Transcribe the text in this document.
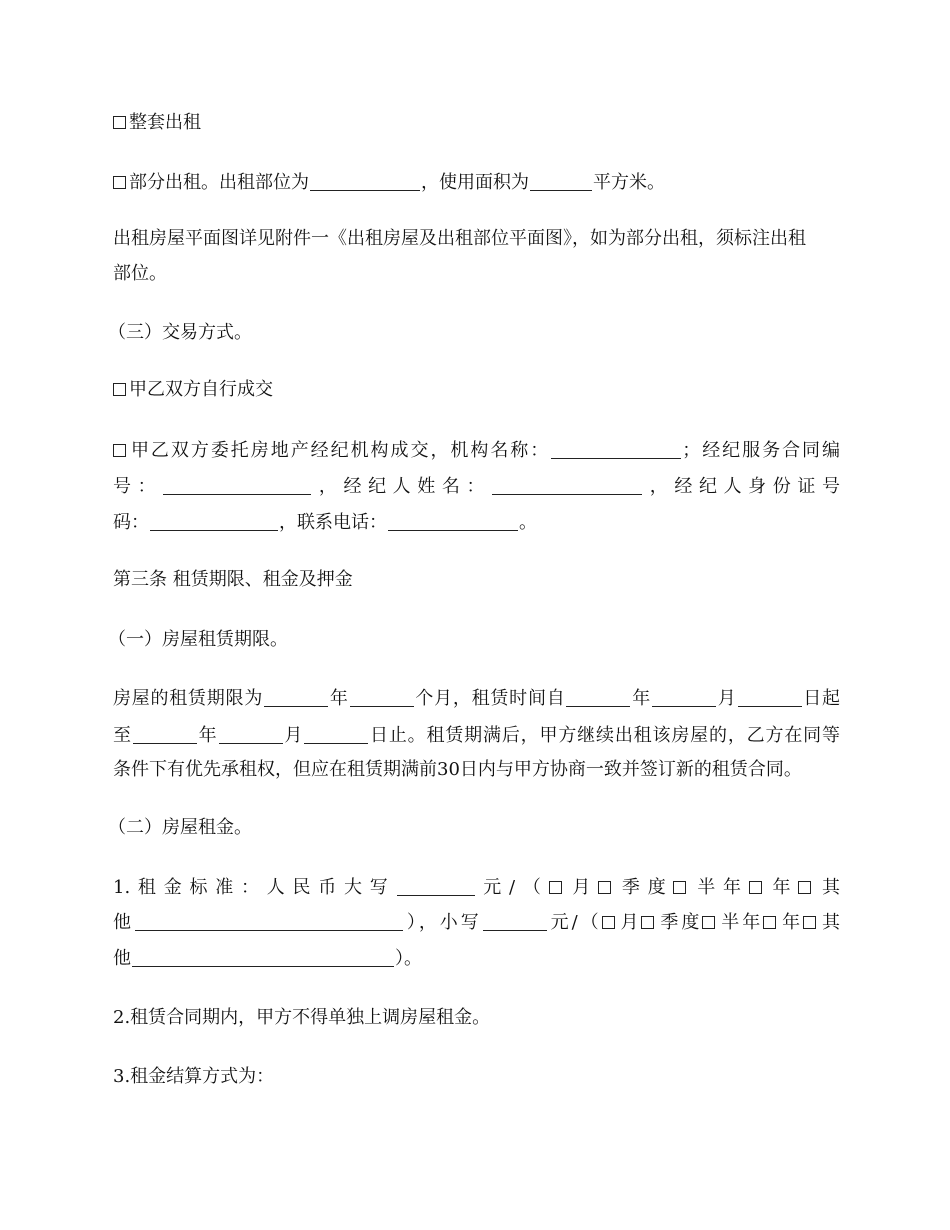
整套出租
部分出租。出租部位为	，使用面积为	平方米。
出租房屋平面图详见附件一《出租房屋及出租部位平面图》，如为部分出租，须标注出租
部位。
（三）交易方式。
甲乙双方自行成交
甲乙双方委托房地产经纪机构成交，机构名称：	；经纪服务合同编
号：	，经纪人姓名：	，经纪人身份证号
码：	，联系电话：	。
第三条 租赁期限、租金及押金
（一）房屋租赁期限。
房屋的租赁期限为	年	个月，租赁时间自	年	月	日起
至	年	月	日止。租赁期满后，甲方继续出租该房屋的，乙方在同等
条件下有优先承租权，但应在租赁期满前30日内与甲方协商一致并签订新的租赁合同。
（二）房屋租金。
1.租金标准：人民币大写	元/（ 月 季度 半年 年 其
他	），小写	元/（ 月 季度 半年 年 其
他	）。
2.租赁合同期内，甲方不得单独上调房屋租金。
3.租金结算方式为：
